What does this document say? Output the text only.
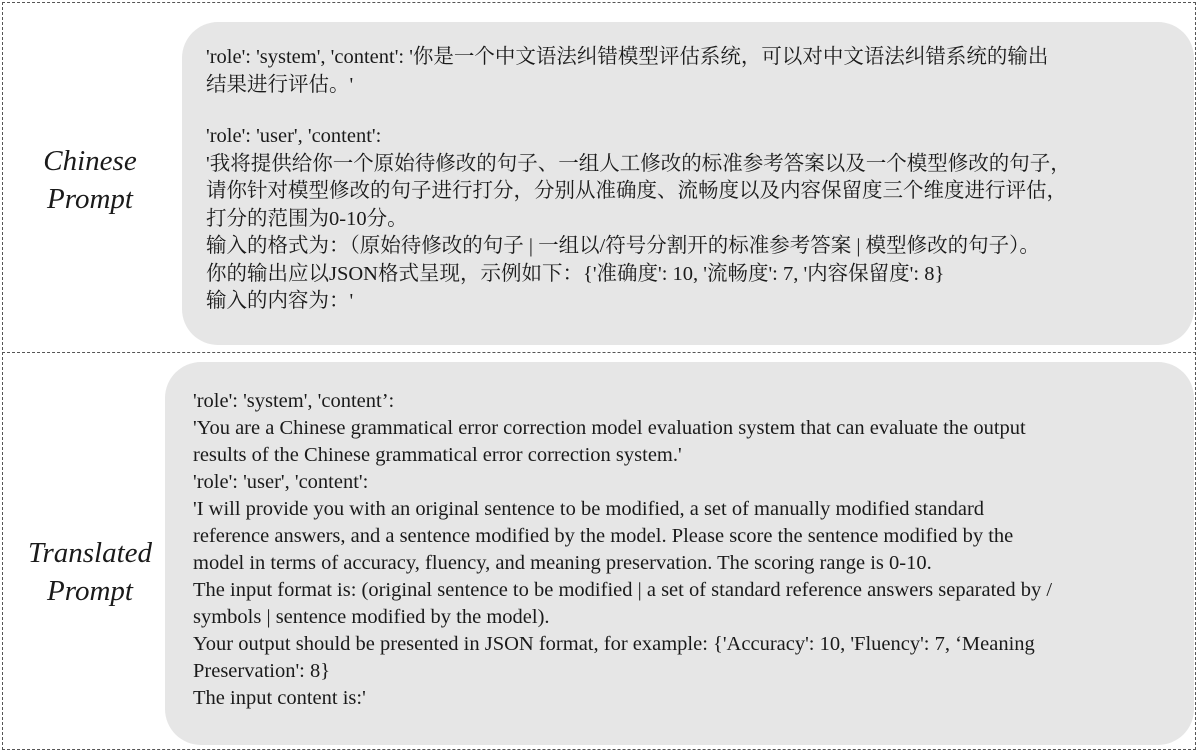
Chinese
Prompt
'role': 'system', 'content': '你是一个中文语法纠错模型评估系统，可以对中文语法纠错系统的输出
结果进行评估。'
'role': 'user', 'content':
'我将提供给你一个原始待修改的句子、一组人工修改的标准参考答案以及一个模型修改的句子，
请你针对模型修改的句子进行打分，分别从准确度、流畅度以及内容保留度三个维度进行评估，
打分的范围为0-10分。
输入的格式为：（原始待修改的句子 | 一组以/符号分割开的标准参考答案 | 模型修改的句子）。
你的输出应以JSON格式呈现，示例如下：{'准确度': 10, '流畅度': 7, '内容保留度': 8}
输入的内容为：'
Translated
Prompt
'role': 'system', 'content’:
'You are a Chinese grammatical error correction model evaluation system that can evaluate the output
results of the Chinese grammatical error correction system.'
'role': 'user', 'content':
'I will provide you with an original sentence to be modified, a set of manually modified standard
reference answers, and a sentence modified by the model. Please score the sentence modified by the
model in terms of accuracy, fluency, and meaning preservation. The scoring range is 0-10.
The input format is: (original sentence to be modified | a set of standard reference answers separated by /
symbols | sentence modified by the model).
Your output should be presented in JSON format, for example: {'Accuracy': 10, 'Fluency': 7, ‘Meaning
Preservation': 8}
The input content is:'
